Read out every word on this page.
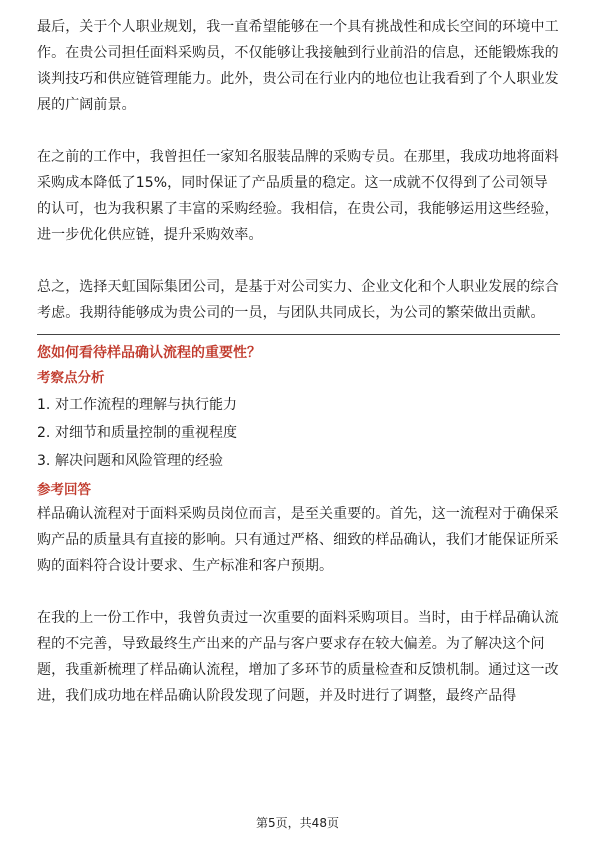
最后，关于个人职业规划，我一直希望能够在一个具有挑战性和成长空间的环境中工作。在贵公司担任面料采购员，不仅能够让我接触到行业前沿的信息，还能锻炼我的谈判技巧和供应链管理能力。此外，贵公司在行业内的地位也让我看到了个人职业发展的广阔前景。

在之前的工作中，我曾担任一家知名服装品牌的采购专员。在那里，我成功地将面料采购成本降低了15%，同时保证了产品质量的稳定。这一成就不仅得到了公司领导的认可，也为我积累了丰富的采购经验。我相信，在贵公司，我能够运用这些经验，进一步优化供应链，提升采购效率。

总之，选择天虹国际集团公司，是基于对公司实力、企业文化和个人职业发展的综合考虑。我期待能够成为贵公司的一员，与团队共同成长，为公司的繁荣做出贡献。

您如何看待样品确认流程的重要性？

考察点分析

1. 对工作流程的理解与执行能力
2. 对细节和质量控制的重视程度
3. 解决问题和风险管理的经验

参考回答

样品确认流程对于面料采购员岗位而言，是至关重要的。首先，这一流程对于确保采购产品的质量具有直接的影响。只有通过严格、细致的样品确认，我们才能保证所采购的面料符合设计要求、生产标准和客户预期。

在我的上一份工作中，我曾负责过一次重要的面料采购项目。当时，由于样品确认流程的不完善，导致最终生产出来的产品与客户要求存在较大偏差。为了解决这个问题，我重新梳理了样品确认流程，增加了多环节的质量检查和反馈机制。通过这一改进，我们成功地在样品确认阶段发现了问题，并及时进行了调整，最终产品得

第5页，共48页
